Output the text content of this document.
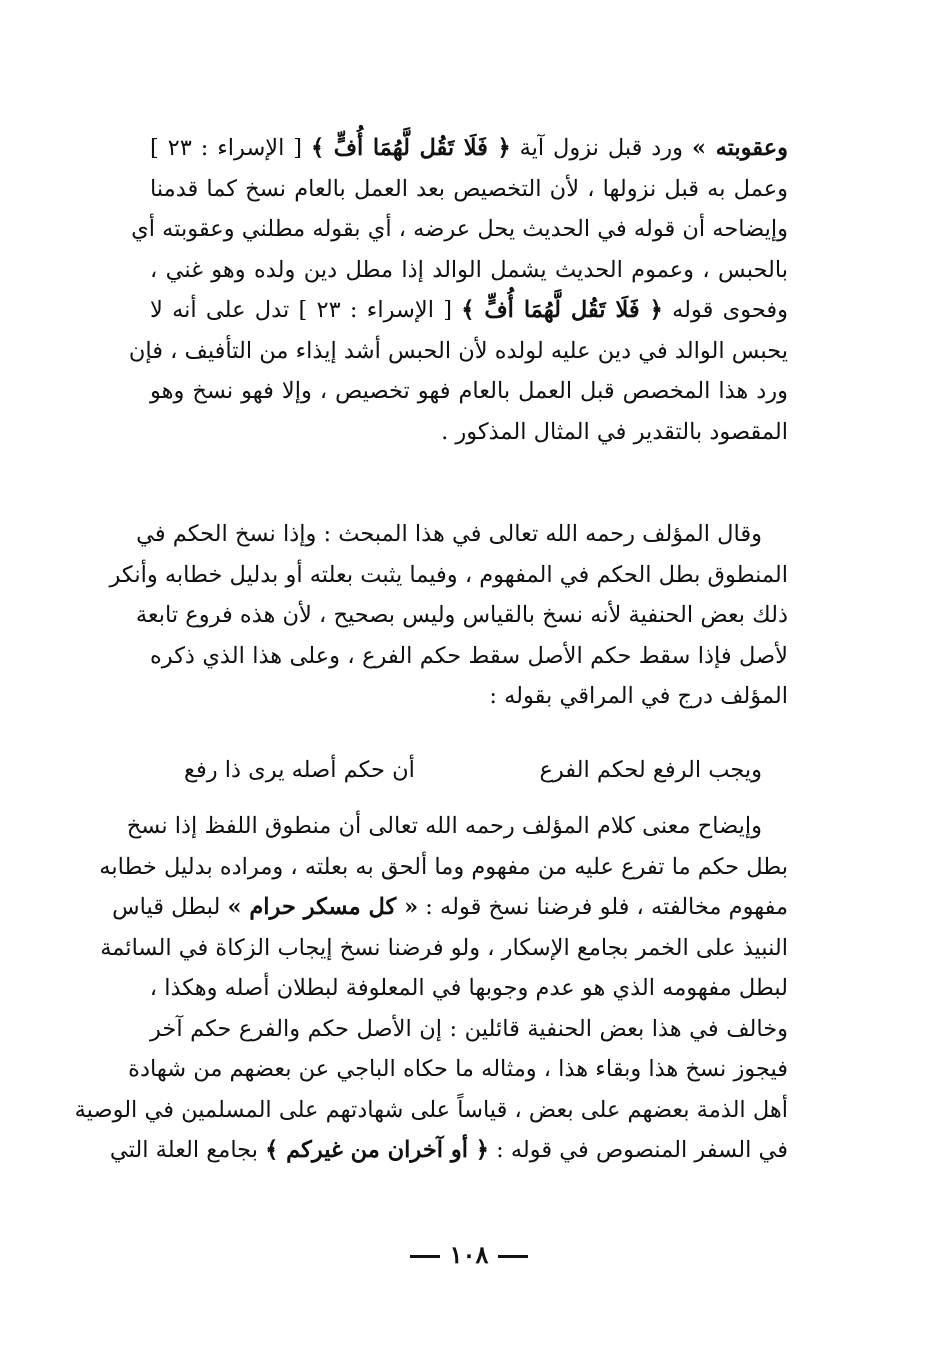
وعقوبته » ورد قبل نزول آية ﴿ فَلَا تَقُل لَّهُمَا أُفٍّ ﴾ [ الإسراء : ٢٣ ]
وعمل به قبل نزولها ، لأن التخصيص بعد العمل بالعام نسخ كما قدمنا
وإيضاحه أن قوله في الحديث يحل عرضه ، أي بقوله مطلني وعقوبته أي
بالحبس ، وعموم الحديث يشمل الوالد إذا مطل دين ولده وهو غني ،
وفحوى قوله ﴿ فَلَا تَقُل لَّهُمَا أُفٍّ ﴾ [ الإسراء : ٢٣ ] تدل على أنه لا
يحبس الوالد في دين عليه لولده لأن الحبس أشد إيذاء من التأفيف ، فإن
ورد هذا المخصص قبل العمل بالعام فهو تخصيص ، وإلا فهو نسخ وهو
المقصود بالتقدير في المثال المذكور .
وقال المؤلف رحمه الله تعالى في هذا المبحث : وإذا نسخ الحكم في
المنطوق بطل الحكم في المفهوم ، وفيما يثبت بعلته أو بدليل خطابه وأنكر
ذلك بعض الحنفية لأنه نسخ بالقياس وليس بصحيح ، لأن هذه فروع تابعة
لأصل فإذا سقط حكم الأصل سقط حكم الفرع ، وعلى هذا الذي ذكره
المؤلف درج في المراقي بقوله :
ويجب الرفع لحكم الفرع
أن حكم أصله يرى ذا رفع
وإيضاح معنى كلام المؤلف رحمه الله تعالى أن منطوق اللفظ إذا نسخ
بطل حكم ما تفرع عليه من مفهوم وما ألحق به بعلته ، ومراده بدليل خطابه
مفهوم مخالفته ، فلو فرضنا نسخ قوله : « كل مسكر حرام » لبطل قياس
النبيذ على الخمر بجامع الإسكار ، ولو فرضنا نسخ إيجاب الزكاة في السائمة
لبطل مفهومه الذي هو عدم وجوبها في المعلوفة لبطلان أصله وهكذا ،
وخالف في هذا بعض الحنفية قائلين : إن الأصل حكم والفرع حكم آخر
فيجوز نسخ هذا وبقاء هذا ، ومثاله ما حكاه الباجي عن بعضهم من شهادة
أهل الذمة بعضهم على بعض ، قياساً على شهادتهم على المسلمين في الوصية
في السفر المنصوص في قوله : ﴿ أو آخران من غيركم ﴾ بجامع العلة التي
١٠٨
